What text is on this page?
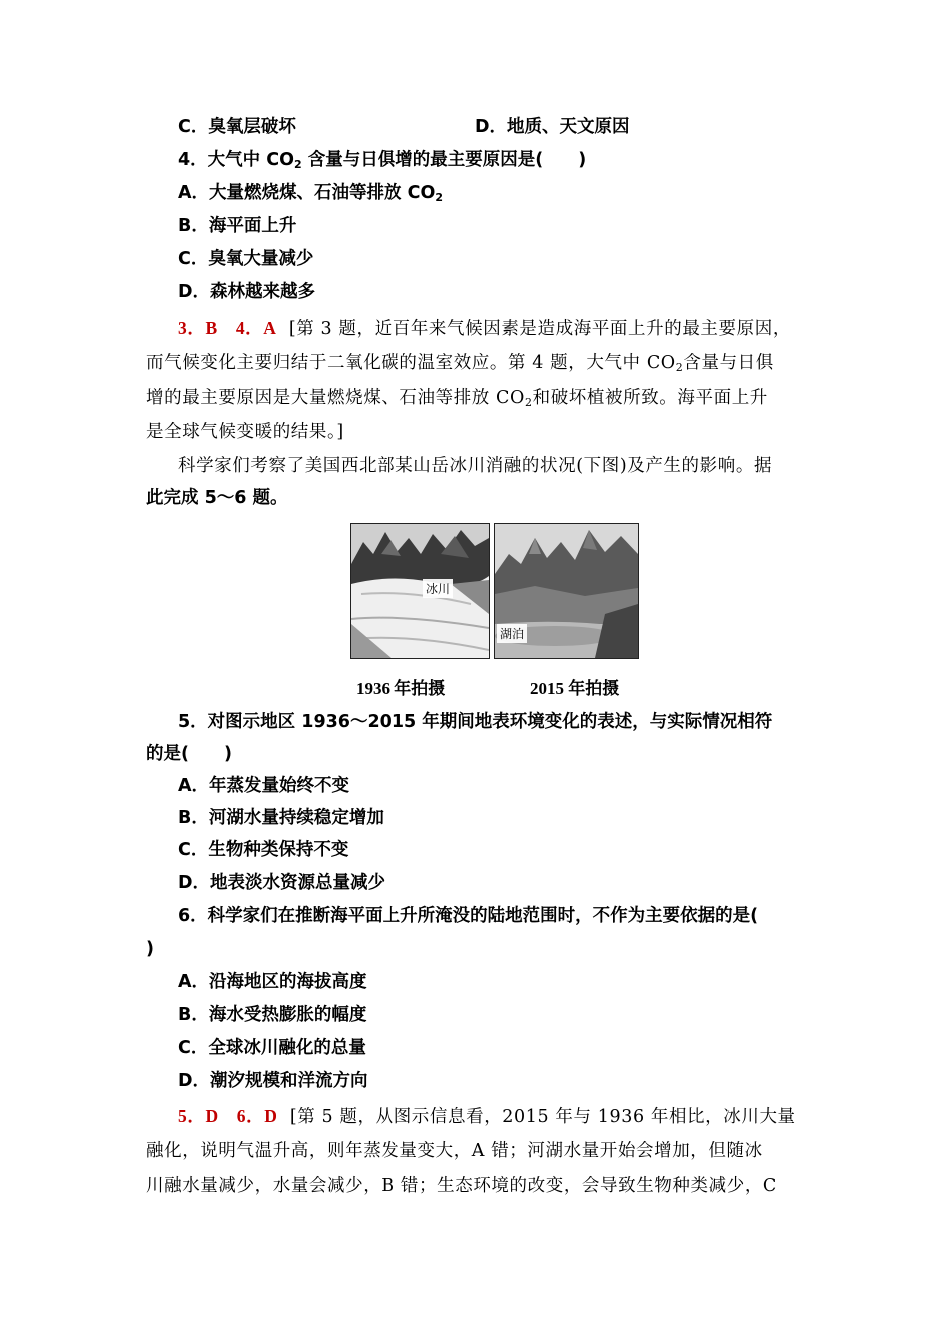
C．臭氧层破坏	D．地质、天文原因
4．大气中 $CO_2$ 含量与日俱增的最主要原因是(　　)
A．大量燃烧煤、石油等排放 $CO_2$
B．海平面上升
C．臭氧大量减少
D．森林越来越多
3．B　4．A [第 3 题，近百年来气候因素是造成海平面上升的最主要原因，
而气候变化主要归结于二氧化碳的温室效应。第 4 题，大气中 $CO_2$含量与日俱
增的最主要原因是大量燃烧煤、石油等排放 $CO_2$和破坏植被所致。海平面上升
是全球气候变暖的结果。]
科学家们考察了美国西北部某山岳冰川消融的状况(下图)及产生的影响。据
此完成 5～6 题。
冰川
湖泊
1936 年拍摄	2015 年拍摄
5．对图示地区 1936～2015 年期间地表环境变化的表述，与实际情况相符
的是(　　)
A．年蒸发量始终不变
B．河湖水量持续稳定增加
C．生物种类保持不变
D．地表淡水资源总量减少
6．科学家们在推断海平面上升所淹没的陆地范围时，不作为主要依据的是(
)
A．沿海地区的海拔高度
B．海水受热膨胀的幅度
C．全球冰川融化的总量
D．潮汐规模和洋流方向
5．D　6．D [第 5 题，从图示信息看，2015 年与 1936 年相比，冰川大量
融化，说明气温升高，则年蒸发量变大，A 错；河湖水量开始会增加，但随冰
川融水量减少，水量会减少，B 错；生态环境的改变，会导致生物种类减少，C
